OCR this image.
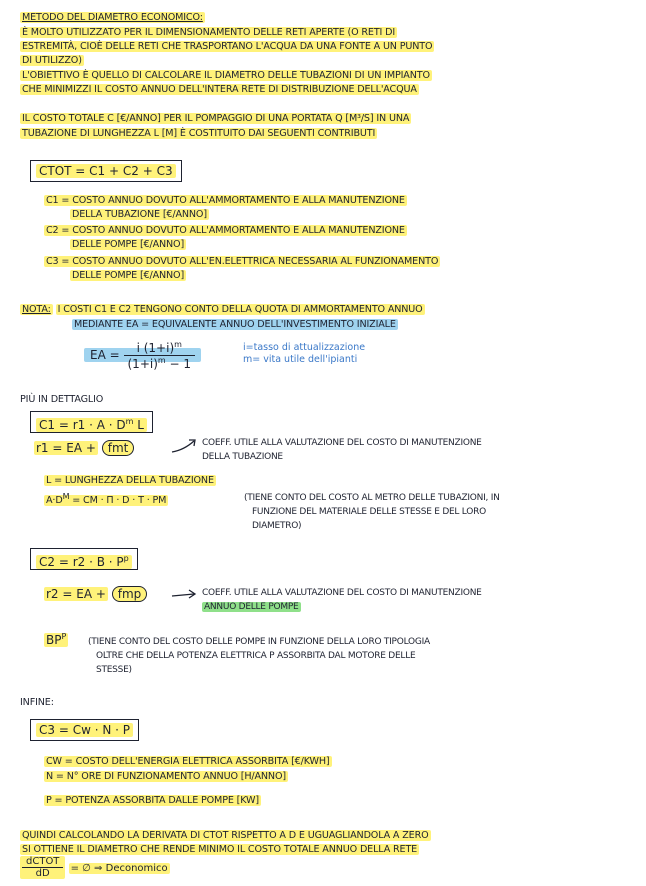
METODO DEL DIAMETRO ECONOMICO:
È MOLTO UTILIZZATO PER IL DIMENSIONAMENTO DELLE RETI APERTE (O RETI DI
ESTREMITÀ, CIOÈ DELLE RETI CHE TRASPORTANO L'ACQUA DA UNA FONTE A UN PUNTO
DI UTILIZZO)
L'OBIETTIVO È QUELLO DI CALCOLARE IL DIAMETRO DELLE TUBAZIONI DI UN IMPIANTO
CHE MINIMIZZI IL COSTO ANNUO DELL'INTERA RETE DI DISTRIBUZIONE DELL'ACQUA
IL COSTO TOTALE C [€/ANNO] PER IL POMPAGGIO DI UNA PORTATA Q [M³/S] IN UNA
TUBAZIONE DI LUNGHEZZA L [M] È COSTITUITO DAI SEGUENTI CONTRIBUTI
CTOT = C1 + C2 + C3
C1 = COSTO ANNUO DOVUTO ALL'AMMORTAMENTO E ALLA MANUTENZIONE
DELLA TUBAZIONE [€/ANNO]
C2 = COSTO ANNUO DOVUTO ALL'AMMORTAMENTO E ALLA MANUTENZIONE
DELLE POMPE [€/ANNO]
C3 = COSTO ANNUO DOVUTO ALL'EN.ELETTRICA NECESSARIA AL FUNZIONAMENTO
DELLE POMPE [€/ANNO]
NOTA: I COSTI C1 E C2 TENGONO CONTO DELLA QUOTA DI AMMORTAMENTO ANNUO
MEDIANTE EA = EQUIVALENTE ANNUO DELL'INVESTIMENTO INIZIALE
EA = $\frac{i (1+i)^m}{(1+i)^m - 1}$	i=tasso di attualizzazione
m= vita utile dell'ipianti
PIÙ IN DETTAGLIO
$C1 = r1 \cdot A \cdot D^m$ L
r1 = EA + fmt	COEFF. UTILE ALLA VALUTAZIONE DEL COSTO DI MANUTENZIONE
DELLA TUBAZIONE
L = LUNGHEZZA DELLA TUBAZIONE
$A\cdot D^M$ = CM · Π · D · T · ΡM	(TIENE CONTO DEL COSTO AL METRO DELLE TUBAZIONI, IN
FUNZIONE DEL MATERIALE DELLE STESSE E DEL LORO
DIAMETRO)
$C2 = r2 \cdot B \cdot P^p$
r2 = EA + fmp	COEFF. UTILE ALLA VALUTAZIONE DEL COSTO DI MANUTENZIONE
ANNUO DELLE POMPE
$BP^P$
(TIENE CONTO DEL COSTO DELLE POMPE IN FUNZIONE DELLA LORO TIPOLOGIA
OLTRE CHE DELLA POTENZA ELETTRICA P ASSORBITA DAL MOTORE DELLE
STESSE)
INFINE:
C3 = Cw · N · P
CW = COSTO DELL'ENERGIA ELETTRICA ASSORBITA [€/KWH]
N = N° ORE DI FUNZIONAMENTO ANNUO [H/ANNO]
P = POTENZA ASSORBITA DALLE POMPE [KW]
QUINDI CALCOLANDO LA DERIVATA DI CTOT RISPETTO A D E UGUAGLIANDOLA A ZERO
SI OTTIENE IL DIAMETRO CHE RENDE MINIMO IL COSTO TOTALE ANNUO DELLA RETE
$\frac{\text{dCTOT}}{dD}$ = ∅ ⇒ Deconomico
